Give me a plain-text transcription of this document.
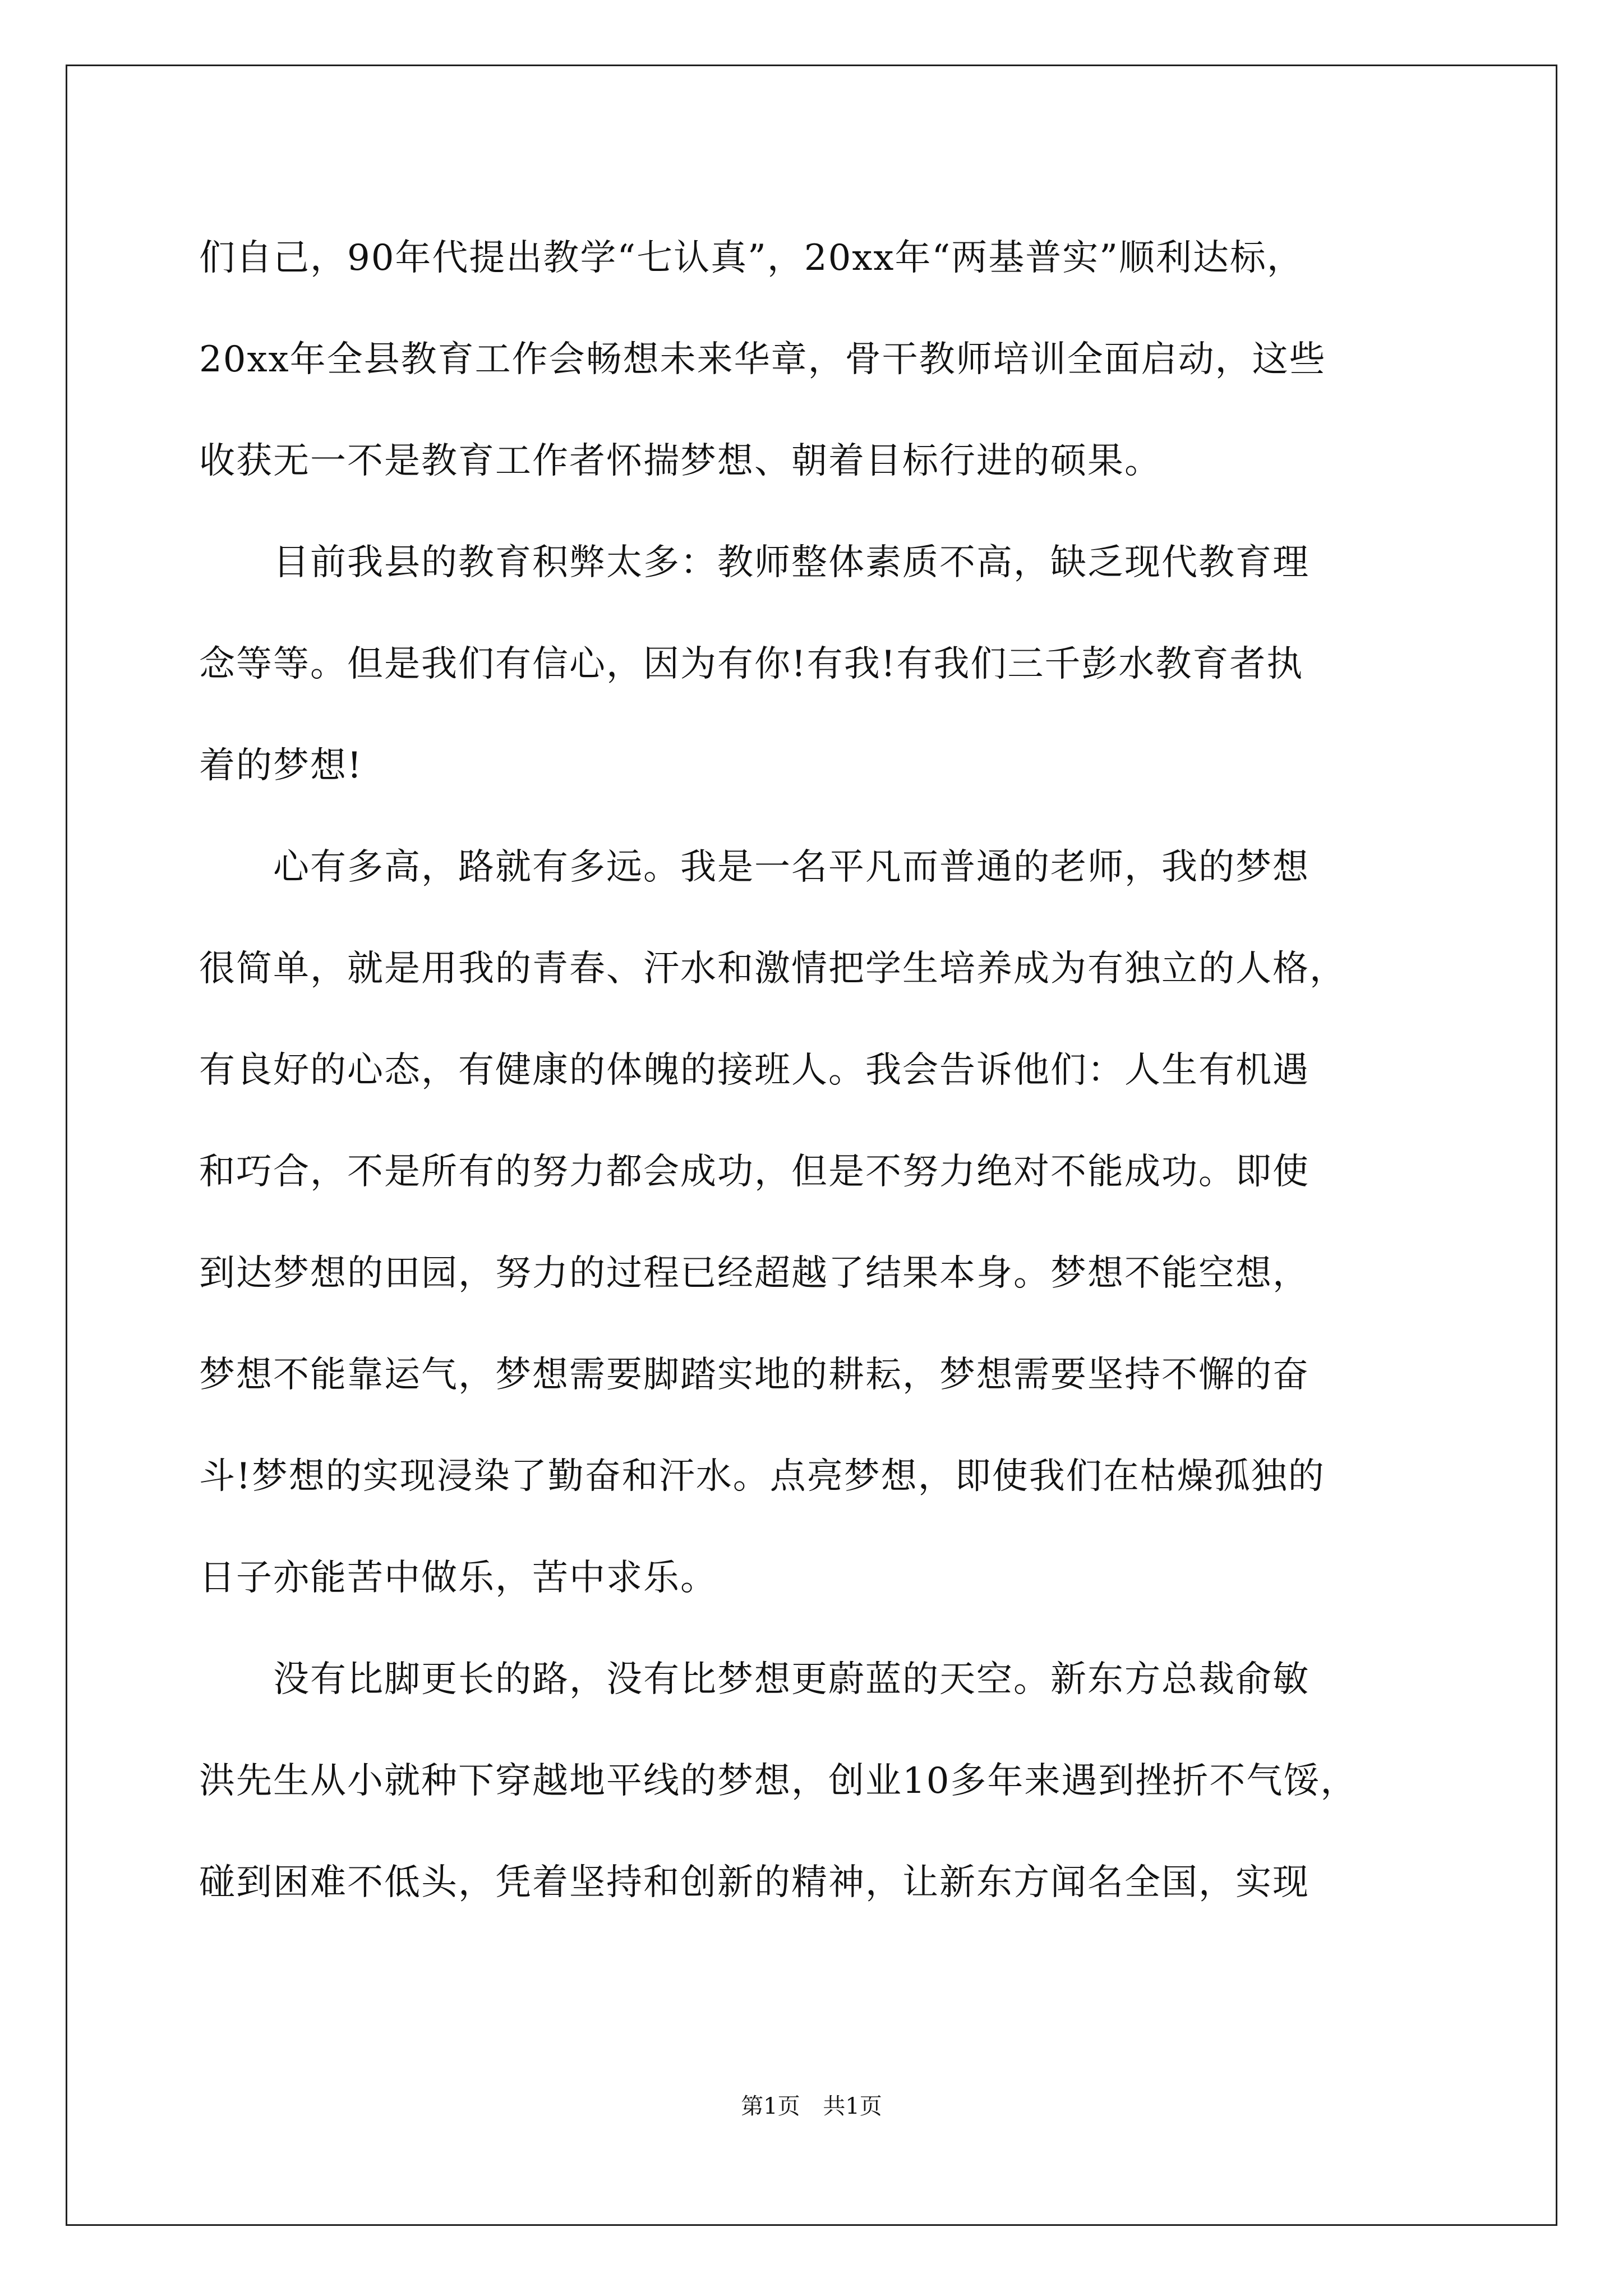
们自己，90年代提出教学“七认真”，20xx年“两基普实”顺利达标，
20xx年全县教育工作会畅想未来华章，骨干教师培训全面启动，这些
收获无一不是教育工作者怀揣梦想、朝着目标行进的硕果。
　　目前我县的教育积弊太多：教师整体素质不高，缺乏现代教育理
念等等。但是我们有信心，因为有你!有我!有我们三千彭水教育者执
着的梦想!
　　心有多高，路就有多远。我是一名平凡而普通的老师，我的梦想
很简单，就是用我的青春、汗水和激情把学生培养成为有独立的人格，
有良好的心态，有健康的体魄的接班人。我会告诉他们：人生有机遇
和巧合，不是所有的努力都会成功，但是不努力绝对不能成功。即使
到达梦想的田园，努力的过程已经超越了结果本身。梦想不能空想，
梦想不能靠运气，梦想需要脚踏实地的耕耘，梦想需要坚持不懈的奋
斗!梦想的实现浸染了勤奋和汗水。点亮梦想，即使我们在枯燥孤独的
日子亦能苦中做乐，苦中求乐。
　　没有比脚更长的路，没有比梦想更蔚蓝的天空。新东方总裁俞敏
洪先生从小就种下穿越地平线的梦想，创业10多年来遇到挫折不气馁，
碰到困难不低头，凭着坚持和创新的精神，让新东方闻名全国，实现
第1页 共1页
